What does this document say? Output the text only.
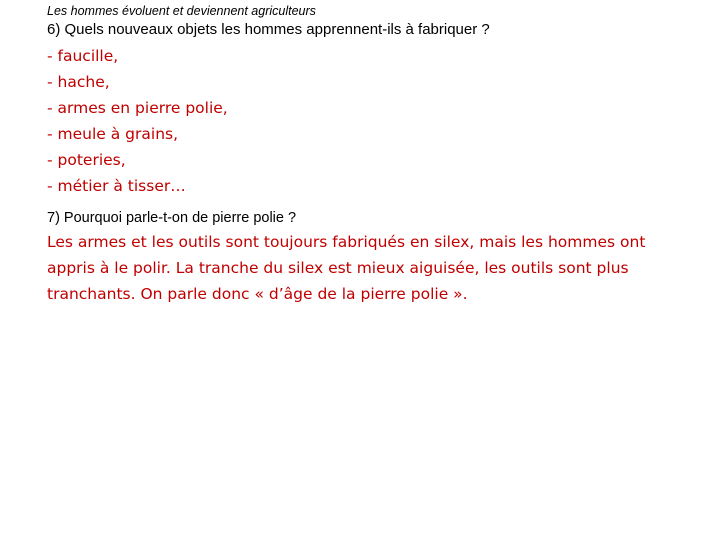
Les hommes évoluent et deviennent agriculteurs
6) Quels nouveaux objets les hommes apprennent-ils à fabriquer ?
- faucille,
- hache,
- armes en pierre polie,
- meule à grains,
- poteries,
- métier à tisser…
7) Pourquoi parle-t-on de pierre polie ?

Les armes et les outils sont toujours fabriqués en silex, mais les hommes ont
appris à le polir. La tranche du silex est mieux aiguisée, les outils sont plus
tranchants. On parle donc « d’âge de la pierre polie ».
